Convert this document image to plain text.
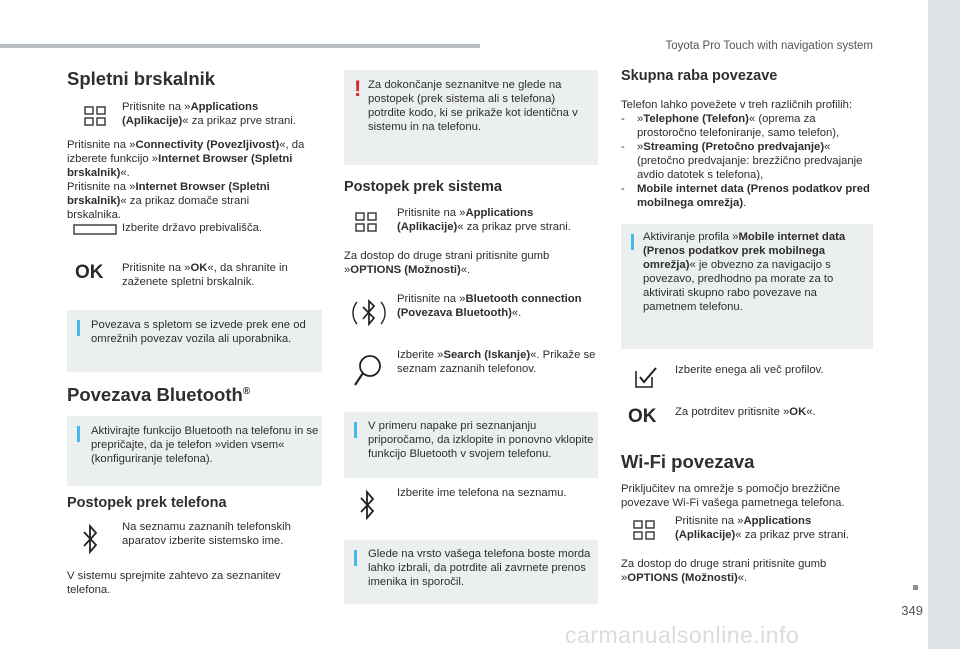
Toyota Pro Touch with navigation system
349
carmanualsonline.info
Spletni brskalnik
Pritisnite na »Applications (Aplikacije)« za prikaz prve strani.
Pritisnite na »Connectivity (Povezljivost)«, da izberete funkcijo »Internet Browser (Spletni brskalnik)«.
Pritisnite na »Internet Browser (Spletni brskalnik)« za prikaz domače strani brskalnika.
Izberite državo prebivališča.
OK Pritisnite na »OK«, da shranite in zaženete spletni brskalnik.
Povezava s spletom se izvede prek ene od omrežnih povezav vozila ali uporabnika.
Povezava Bluetooth®
Aktivirajte funkcijo Bluetooth na telefonu in se prepričajte, da je telefon »viden vsem« (konfiguriranje telefona).
Postopek prek telefona
Na seznamu zaznanih telefonskih aparatov izberite sistemsko ime.
V sistemu sprejmite zahtevo za seznanitev telefona.
! Za dokončanje seznanitve ne glede na postopek (prek sistema ali s telefona) potrdite kodo, ki se prikaže kot identična v sistemu in na telefonu.
Postopek prek sistema
Pritisnite na »Applications (Aplikacije)« za prikaz prve strani.
Za dostop do druge strani pritisnite gumb »OPTIONS (Možnosti)«.
Pritisnite na »Bluetooth connection (Povezava Bluetooth)«.
Izberite »Search (Iskanje)«. Prikaže se seznam zaznanih telefonov.
V primeru napake pri seznanjanju priporočamo, da izklopite in ponovno vklopite funkcijo Bluetooth v svojem telefonu.
Izberite ime telefona na seznamu.
Glede na vrsto vašega telefona boste morda lahko izbrali, da potrdite ali zavrnete prenos imenika in sporočil.
Skupna raba povezave
Telefon lahko povežete v treh različnih profilih:
- »Telephone (Telefon)« (oprema za prostoročno telefoniranje, samo telefon),
- »Streaming (Pretočno predvajanje)« (pretočno predvajanje: brezžično predvajanje avdio datotek s telefona),
- Mobile internet data (Prenos podatkov pred mobilnega omrežja).
Aktiviranje profila »Mobile internet data (Prenos podatkov prek mobilnega omrežja)« je obvezno za navigacijo s povezavo, predhodno pa morate za to aktivirati skupno rabo povezave na pametnem telefonu.
Izberite enega ali več profilov.
OK Za potrditev pritisnite »OK«.
Wi-Fi povezava
Priključitev na omrežje s pomočjo brezžične povezave Wi-Fi vašega pametnega telefona.
Pritisnite na »Applications (Aplikacije)« za prikaz prve strani.
Za dostop do druge strani pritisnite gumb »OPTIONS (Možnosti)«.
